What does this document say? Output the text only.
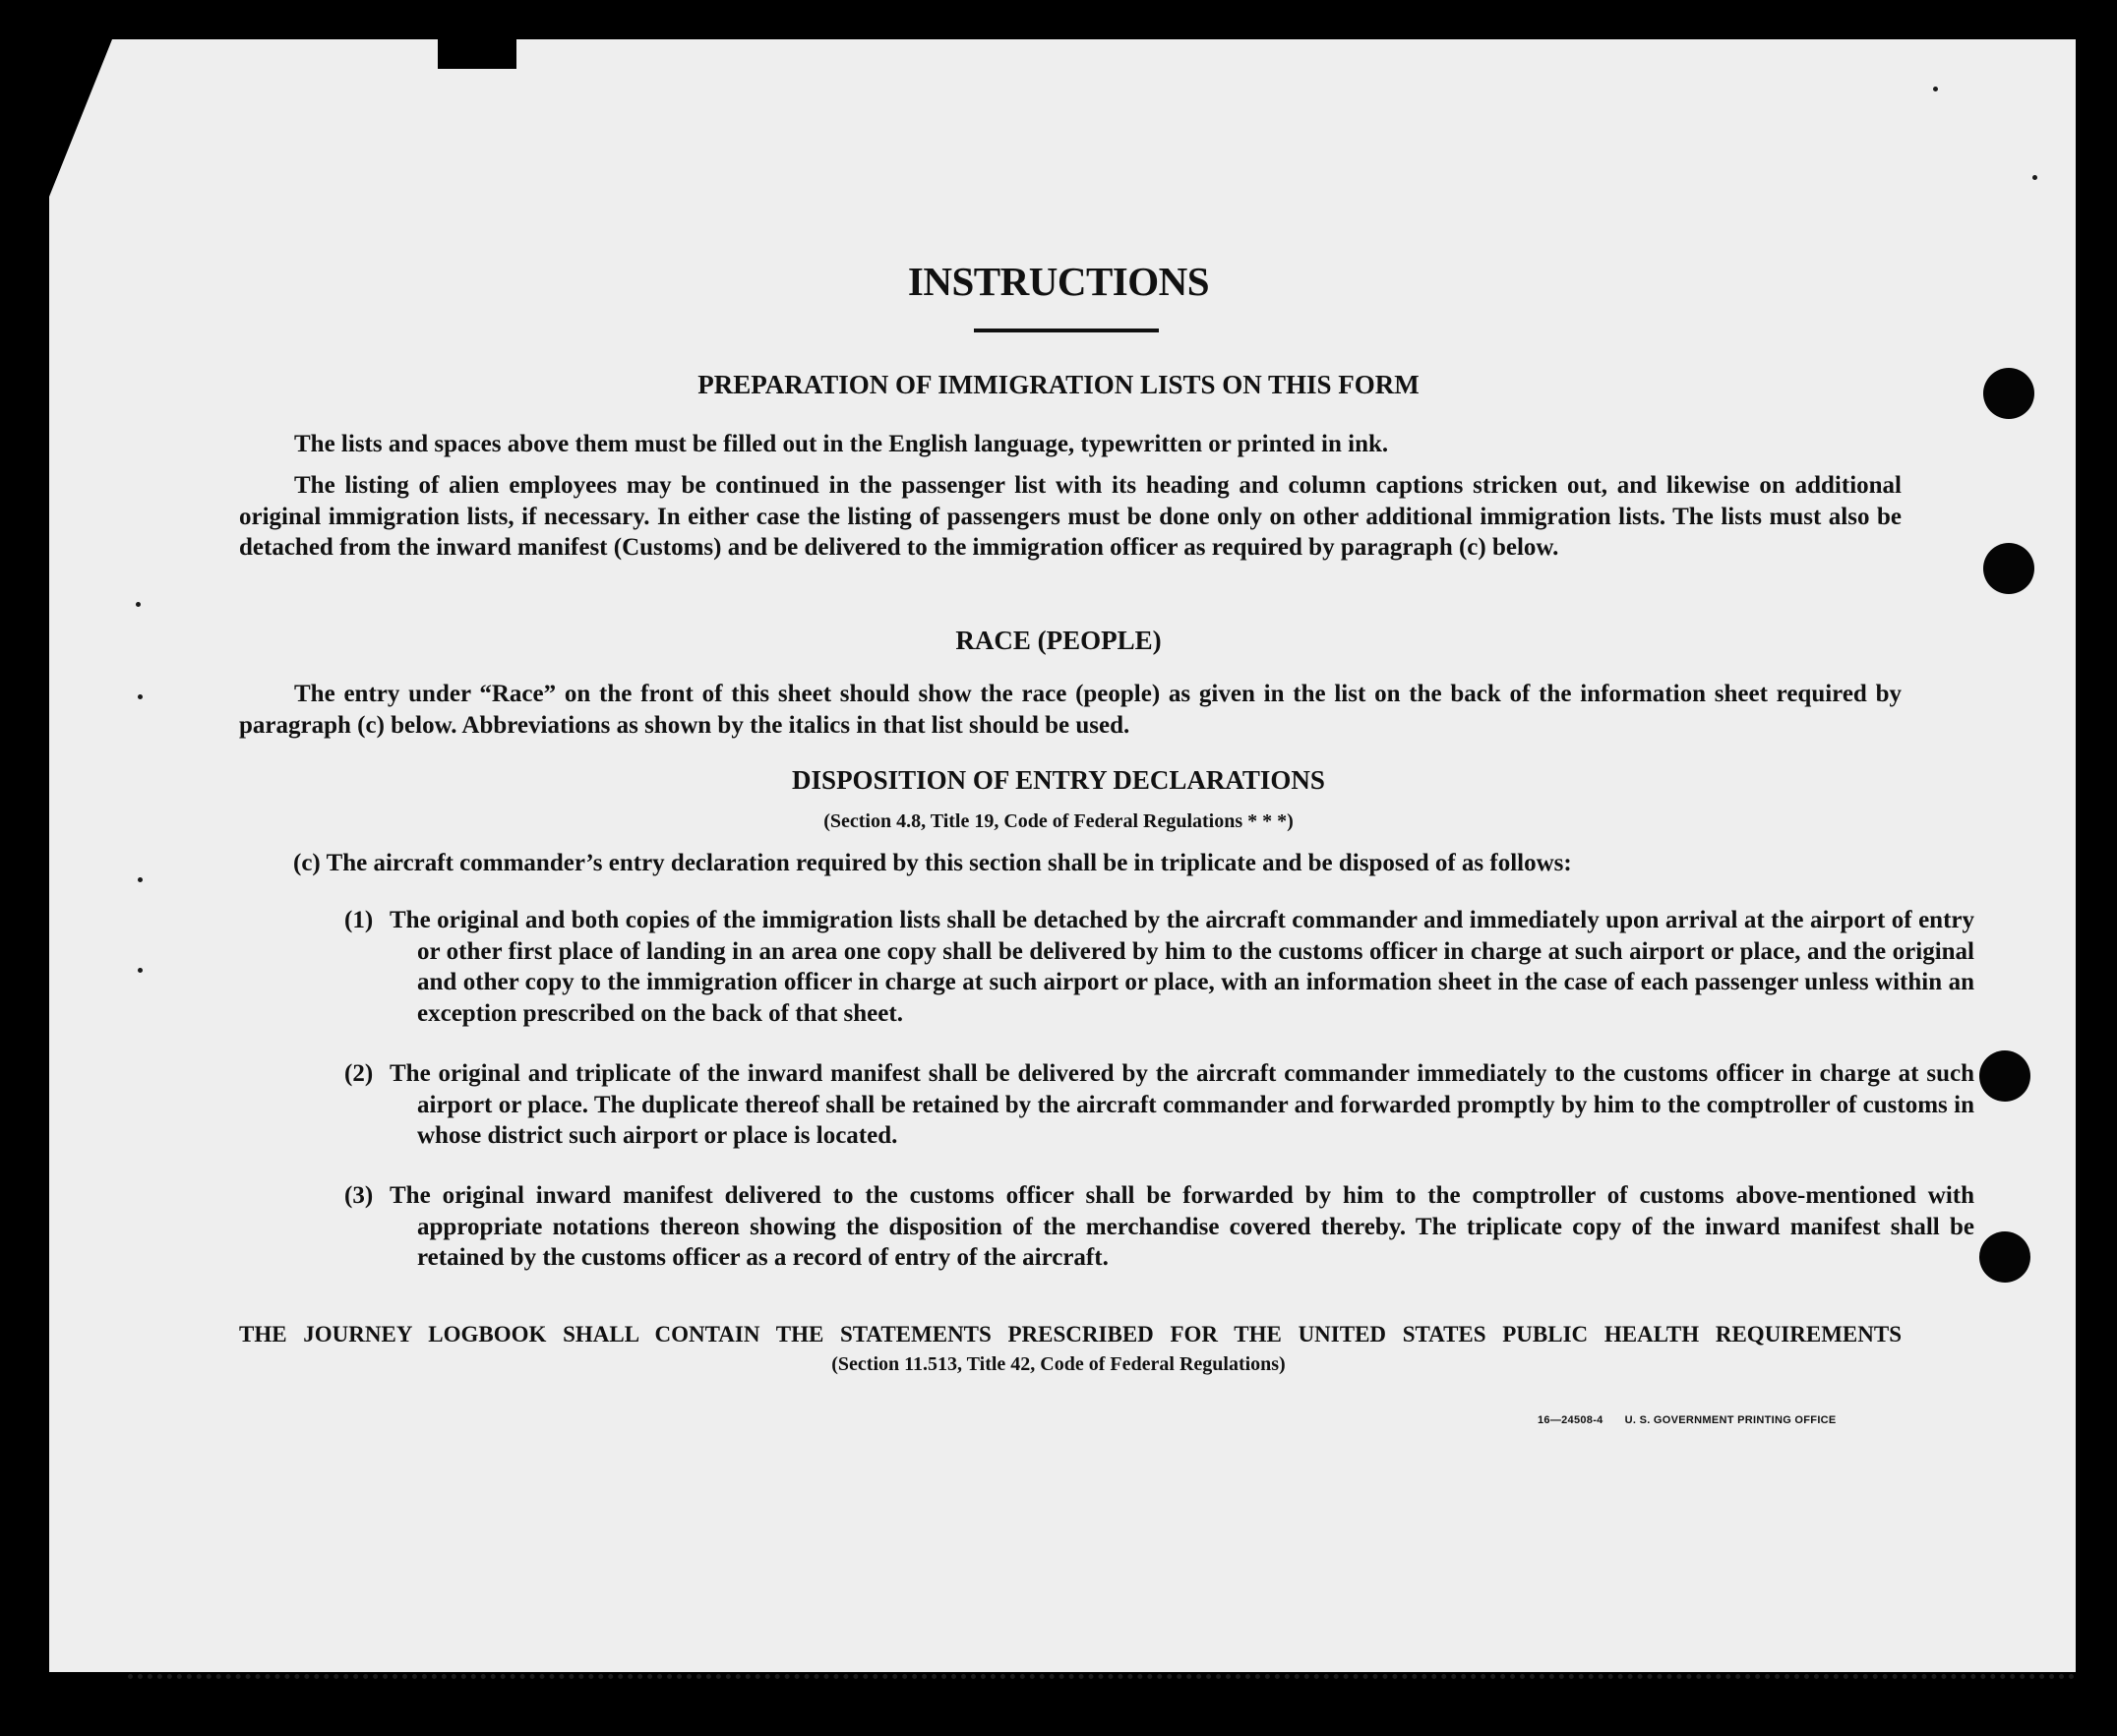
INSTRUCTIONS
PREPARATION OF IMMIGRATION LISTS ON THIS FORM
The lists and spaces above them must be filled out in the English language, typewritten or printed in ink.
The listing of alien employees may be continued in the passenger list with its heading and column captions stricken out, and likewise on additional original immigration lists, if necessary. In either case the listing of passengers must be done only on other additional immigration lists. The lists must also be detached from the inward manifest (Customs) and be delivered to the immigration officer as required by paragraph (c) below.
RACE (PEOPLE)
The entry under “Race” on the front of this sheet should show the race (people) as given in the list on the back of the information sheet required by paragraph (c) below. Abbreviations as shown by the italics in that list should be used.
DISPOSITION OF ENTRY DECLARATIONS
(Section 4.8, Title 19, Code of Federal Regulations * * *)
(c) The aircraft commander’s entry declaration required by this section shall be in triplicate and be disposed of as follows:
(1) The original and both copies of the immigration lists shall be detached by the aircraft commander and immediately upon arrival at the airport of entry or other first place of landing in an area one copy shall be delivered by him to the customs officer in charge at such airport or place, and the original and other copy to the immigration officer in charge at such airport or place, with an information sheet in the case of each passenger unless within an exception prescribed on the back of that sheet.
(2) The original and triplicate of the inward manifest shall be delivered by the aircraft commander immediately to the customs officer in charge at such airport or place. The duplicate thereof shall be retained by the aircraft commander and forwarded promptly by him to the comptroller of customs in whose district such airport or place is located.
(3) The original inward manifest delivered to the customs officer shall be forwarded by him to the comptroller of customs above-mentioned with appropriate notations thereon showing the disposition of the merchandise covered thereby. The triplicate copy of the inward manifest shall be retained by the customs officer as a record of entry of the aircraft.
THE JOURNEY LOGBOOK SHALL CONTAIN THE STATEMENTS PRESCRIBED FOR THE UNITED STATES PUBLIC HEALTH REQUIREMENTS
(Section 11.513, Title 42, Code of Federal Regulations)
16—24508-4 U. S. GOVERNMENT PRINTING OFFICE
